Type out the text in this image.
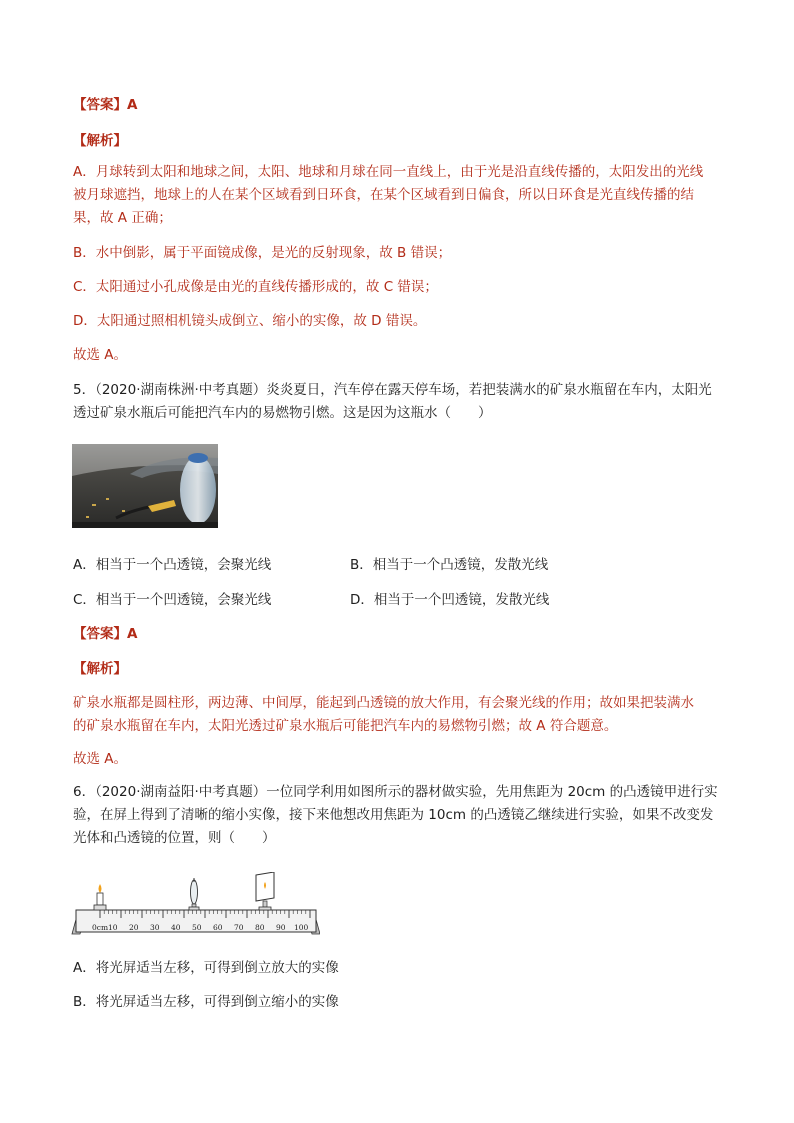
【答案】A
【解析】
A．月球转到太阳和地球之间，太阳、地球和月球在同一直线上，由于光是沿直线传播的，太阳发出的光线
被月球遮挡，地球上的人在某个区域看到日环食，在某个区域看到日偏食，所以日环食是光直线传播的结
果，故 A 正确；
B．水中倒影，属于平面镜成像，是光的反射现象，故 B 错误；
C．太阳通过小孔成像是由光的直线传播形成的，故 C 错误；
D．太阳通过照相机镜头成倒立、缩小的实像，故 D 错误。
故选 A。
5．（2020·湖南株洲·中考真题）炎炎夏日，汽车停在露天停车场，若把装满水的矿泉水瓶留在车内，太阳光
透过矿泉水瓶后可能把汽车内的易燃物引燃。这是因为这瓶水（　　）
A．相当于一个凸透镜，会聚光线	B．相当于一个凸透镜，发散光线
C．相当于一个凹透镜，会聚光线	D．相当于一个凹透镜，发散光线
【答案】A
【解析】
矿泉水瓶都是圆柱形，两边薄、中间厚，能起到凸透镜的放大作用，有会聚光线的作用；故如果把装满水
的矿泉水瓶留在车内，太阳光透过矿泉水瓶后可能把汽车内的易燃物引燃；故 A 符合题意。
故选 A。
6．（2020·湖南益阳·中考真题）一位同学利用如图所示的器材做实验，先用焦距为 20cm 的凸透镜甲进行实
验，在屏上得到了清晰的缩小实像，接下来他想改用焦距为 10cm 的凸透镜乙继续进行实验，如果不改变发
光体和凸透镜的位置，则（　　）
0cm 10 20 30 40 50 60 70 80 90 100
A．将光屏适当左移，可得到倒立放大的实像
B．将光屏适当左移，可得到倒立缩小的实像
